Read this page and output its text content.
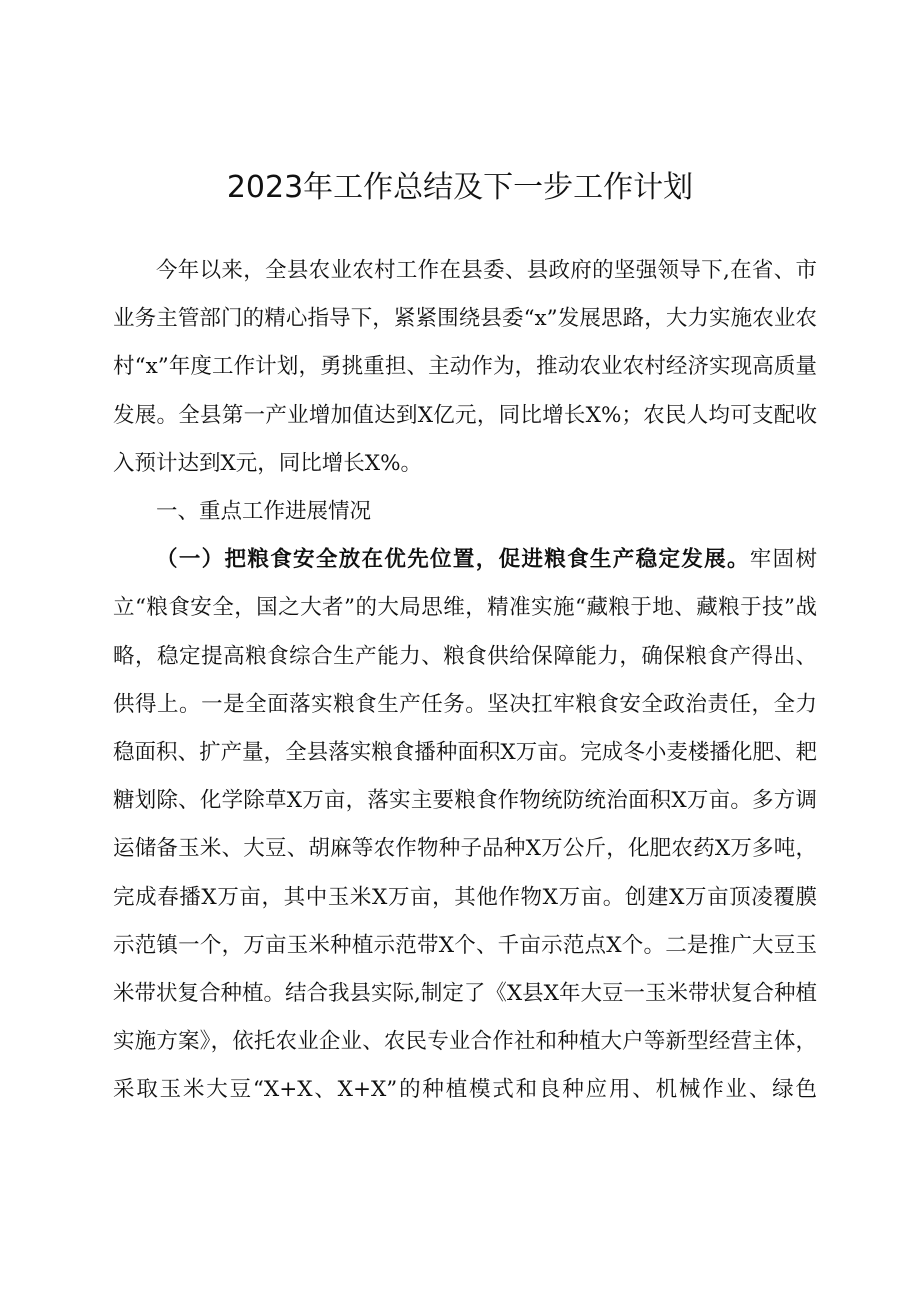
2023年工作总结及下一步工作计划

今年以来，全县农业农村工作在县委、县政府的坚强领导下,在省、市业务主管部门的精心指导下，紧紧围绕县委“x”发展思路，大力实施农业农村“x”年度工作计划，勇挑重担、主动作为，推动农业农村经济实现高质量发展。全县第一产业增加值达到X亿元，同比增长X%；农民人均可支配收入预计达到X元，同比增长X%。

一、重点工作进展情况

（一）把粮食安全放在优先位置，促进粮食生产稳定发展。牢固树立“粮食安全，国之大者”的大局思维，精准实施“藏粮于地、藏粮于技”战略，稳定提高粮食综合生产能力、粮食供给保障能力，确保粮食产得出、供得上。一是全面落实粮食生产任务。坚决扛牢粮食安全政治责任，全力稳面积、扩产量，全县落实粮食播种面积X万亩。完成冬小麦楼播化肥、耙糖划除、化学除草X万亩，落实主要粮食作物统防统治面积X万亩。多方调运储备玉米、大豆、胡麻等农作物种子品种X万公斤，化肥农药X万多吨，完成春播X万亩，其中玉米X万亩，其他作物X万亩。创建X万亩顶凌覆膜示范镇一个，万亩玉米种植示范带X个、千亩示范点X个。二是推广大豆玉米带状复合种植。结合我县实际,制定了《X县X年大豆一玉米带状复合种植实施方案》，依托农业企业、农民专业合作社和种植大户等新型经营主体，采取玉米大豆“X+X、X+X”的种植模式和良种应用、机械作业、绿色
